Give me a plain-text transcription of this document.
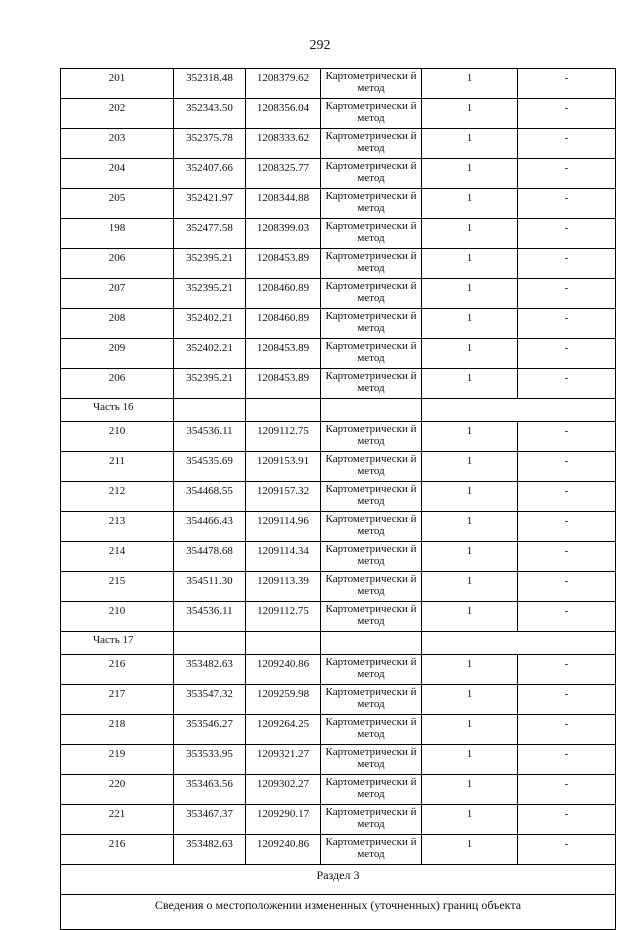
292
201	352318.48	1208379.62	Картометрически й метод	1	-
202	352343.50	1208356.04	Картометрически й метод	1	-
203	352375.78	1208333.62	Картометрически й метод	1	-
204	352407.66	1208325.77	Картометрически й метод	1	-
205	352421.97	1208344.88	Картометрически й метод	1	-
198	352477.58	1208399.03	Картометрически й метод	1	-
206	352395.21	1208453.89	Картометрически й метод	1	-
207	352395.21	1208460.89	Картометрически й метод	1	-
208	352402.21	1208460.89	Картометрически й метод	1	-
209	352402.21	1208453.89	Картометрически й метод	1	-
206	352395.21	1208453.89	Картометрически й метод	1	-
Часть 16					
210	354536.11	1209112.75	Картометрически й метод	1	-
211	354535.69	1209153.91	Картометрически й метод	1	-
212	354468.55	1209157.32	Картометрически й метод	1	-
213	354466.43	1209114.96	Картометрически й метод	1	-
214	354478.68	1209114.34	Картометрически й метод	1	-
215	354511.30	1209113.39	Картометрически й метод	1	-
210	354536.11	1209112.75	Картометрически й метод	1	-
Часть 17					
216	353482.63	1209240.86	Картометрически й метод	1	-
217	353547.32	1209259.98	Картометрически й метод	1	-
218	353546.27	1209264.25	Картометрически й метод	1	-
219	353533.95	1209321.27	Картометрически й метод	1	-
220	353463.56	1209302.27	Картометрически й метод	1	-
221	353467.37	1209290.17	Картометрически й метод	1	-
216	353482.63	1209240.86	Картометрически й метод	1	-
Раздел 3					
Сведения о местоположении измененных (уточненных) границ объекта					
